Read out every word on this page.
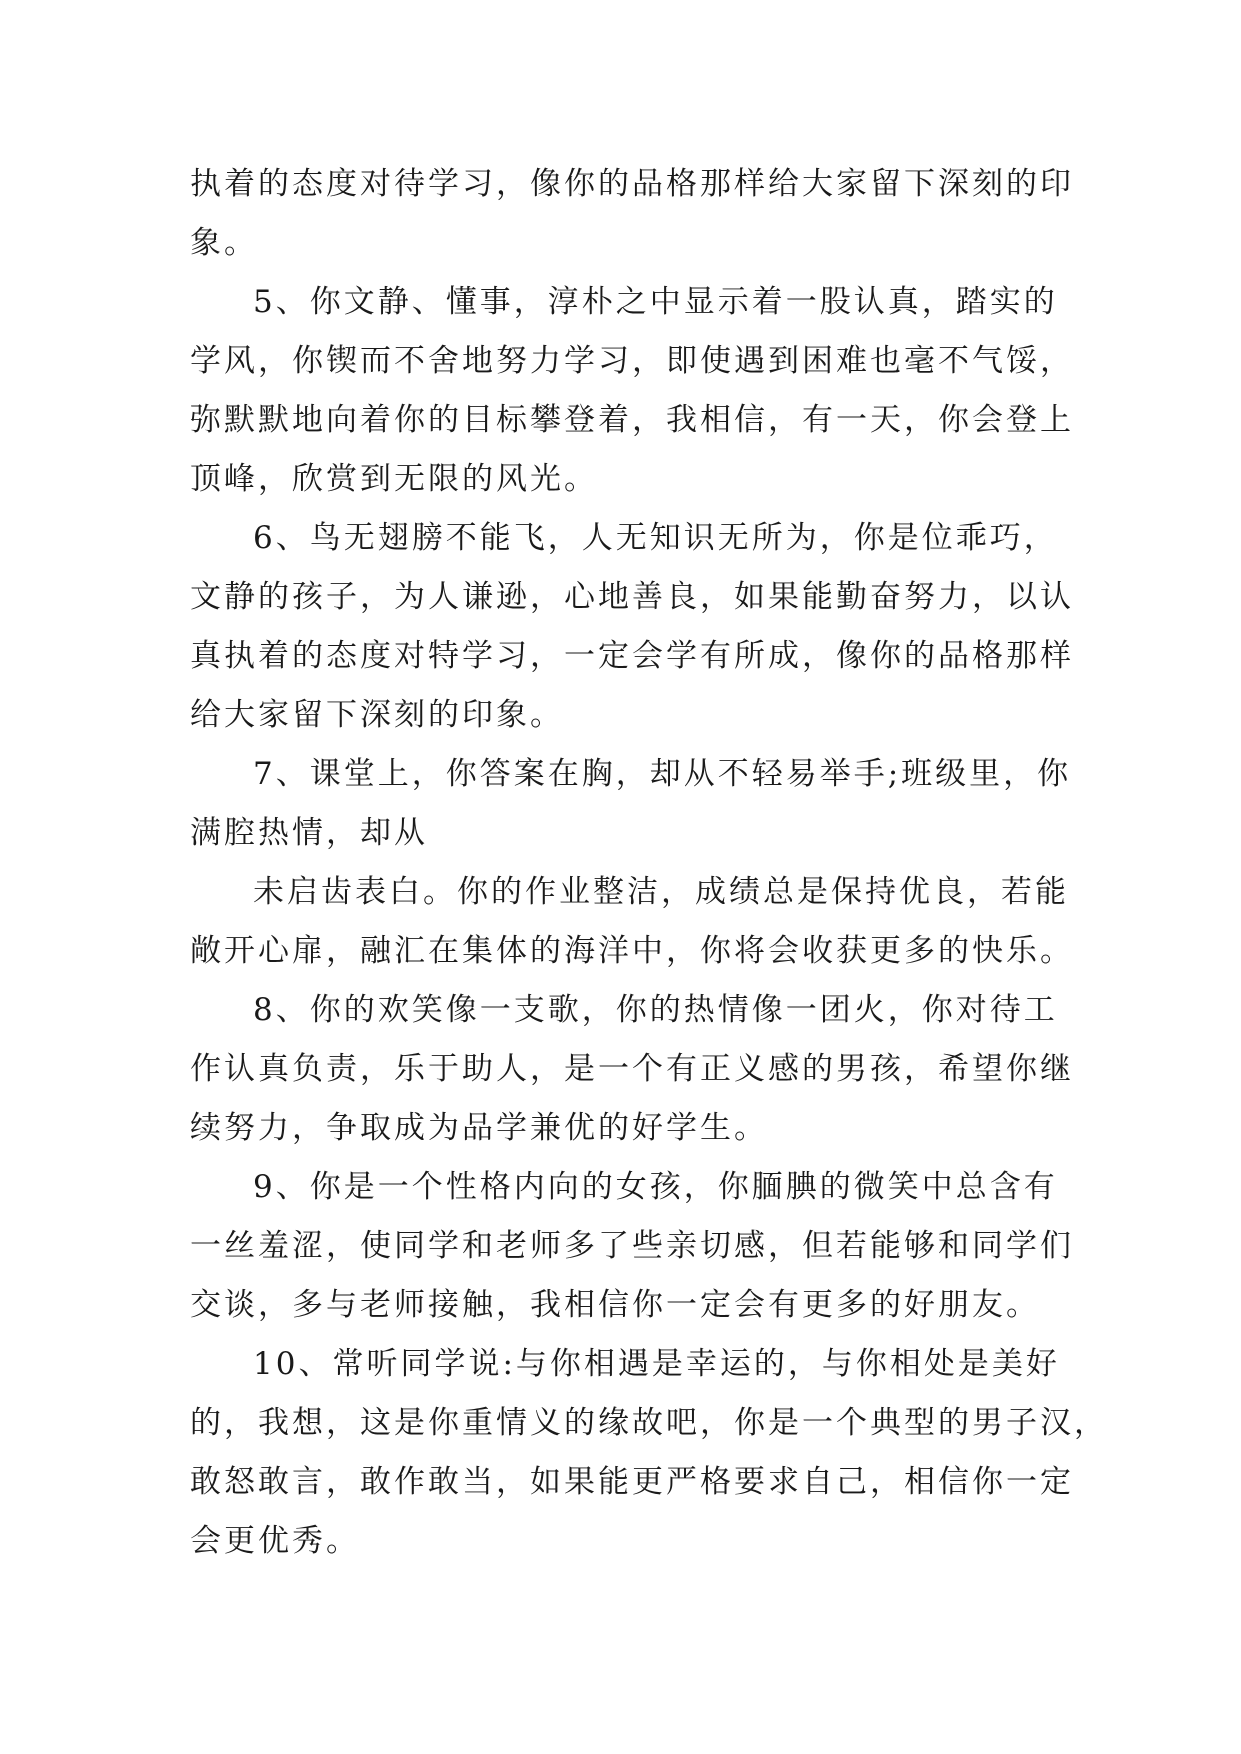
执着的态度对待学习，像你的品格那样给大家留下深刻的印
象。
5、你文静、懂事，淳朴之中显示着一股认真，踏实的
学风，你锲而不舍地努力学习，即使遇到困难也毫不气馁，
弥默默地向着你的目标攀登着，我相信，有一天，你会登上
顶峰，欣赏到无限的风光。
6、鸟无翅膀不能飞，人无知识无所为，你是位乖巧，
文静的孩子，为人谦逊，心地善良，如果能勤奋努力，以认
真执着的态度对特学习，一定会学有所成，像你的品格那样
给大家留下深刻的印象。
7、课堂上，你答案在胸，却从不轻易举手;班级里，你
满腔热情，却从
未启齿表白。你的作业整洁，成绩总是保持优良，若能
敞开心扉，融汇在集体的海洋中，你将会收获更多的快乐。
8、你的欢笑像一支歌，你的热情像一团火，你对待工
作认真负责，乐于助人，是一个有正义感的男孩，希望你继
续努力，争取成为品学兼优的好学生。
9、你是一个性格内向的女孩，你腼腆的微笑中总含有
一丝羞涩，使同学和老师多了些亲切感，但若能够和同学们
交谈，多与老师接触，我相信你一定会有更多的好朋友。
10、常听同学说:与你相遇是幸运的，与你相处是美好
的，我想，这是你重情义的缘故吧，你是一个典型的男子汉，
敢怒敢言，敢作敢当，如果能更严格要求自己，相信你一定
会更优秀。
